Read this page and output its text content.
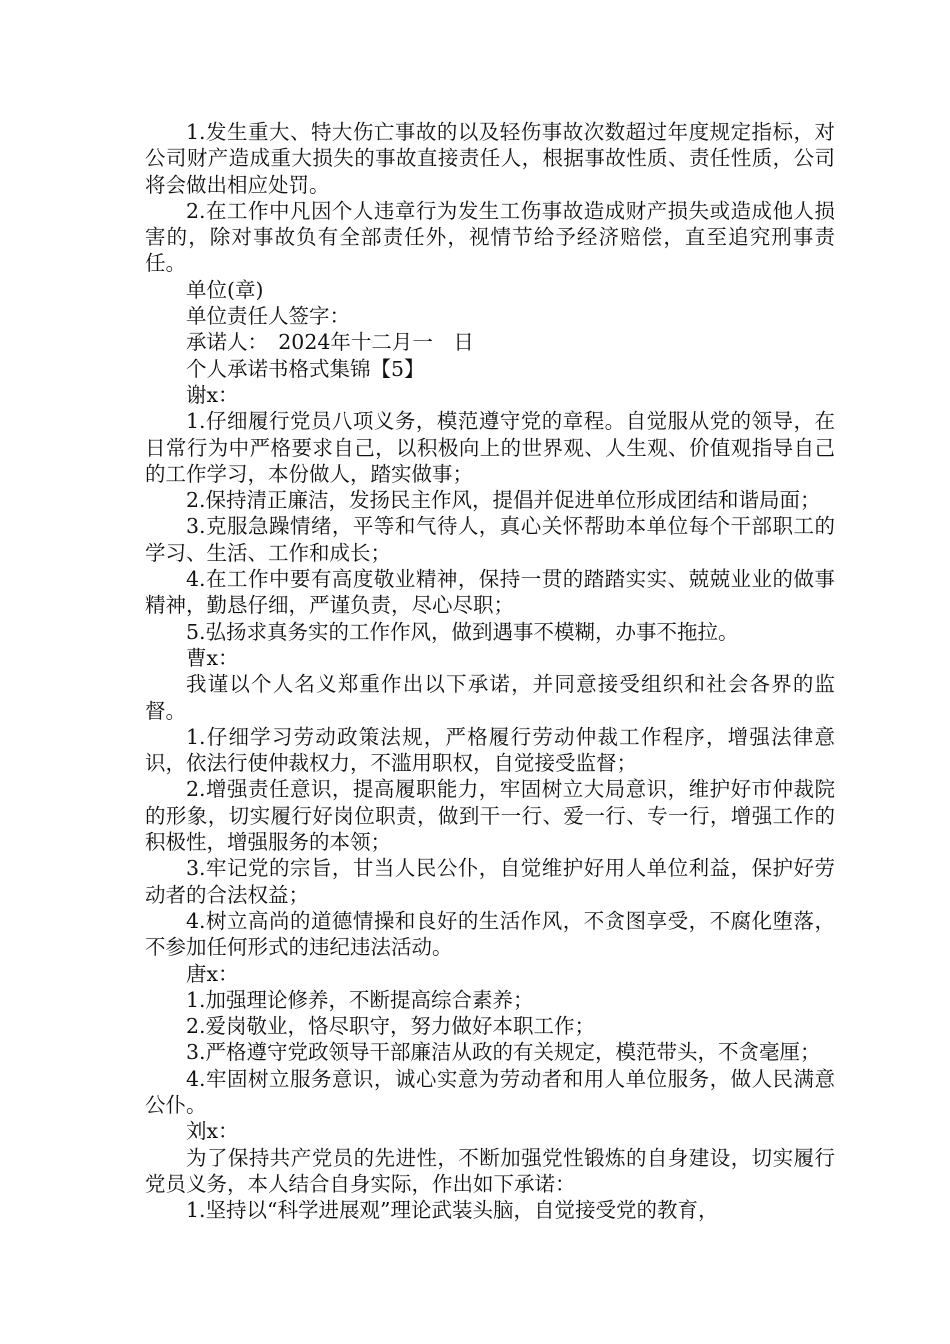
1.发生重大、特大伤亡事故的以及轻伤事故次数超过年度规定指标，对公司财产造成重大损失的事故直接责任人，根据事故性质、责任性质，公司将会做出相应处罚。

2.在工作中凡因个人违章行为发生工伤事故造成财产损失或造成他人损害的，除对事故负有全部责任外，视情节给予经济赔偿，直至追究刑事责任。

单位(章)

单位责任人签字：

承诺人：　2024年十二月一　日

个人承诺书格式集锦【5】

谢x：

1.仔细履行党员八项义务，模范遵守党的章程。自觉服从党的领导，在日常行为中严格要求自己，以积极向上的世界观、人生观、价值观指导自己的工作学习，本份做人，踏实做事；

2.保持清正廉洁，发扬民主作风，提倡并促进单位形成团结和谐局面；

3.克服急躁情绪，平等和气待人，真心关怀帮助本单位每个干部职工的学习、生活、工作和成长；

4.在工作中要有高度敬业精神，保持一贯的踏踏实实、兢兢业业的做事精神，勤恳仔细，严谨负责，尽心尽职；

5.弘扬求真务实的工作作风，做到遇事不模糊，办事不拖拉。

曹x：

我谨以个人名义郑重作出以下承诺，并同意接受组织和社会各界的监督。

1.仔细学习劳动政策法规，严格履行劳动仲裁工作程序，增强法律意识，依法行使仲裁权力，不滥用职权，自觉接受监督；

2.增强责任意识，提高履职能力，牢固树立大局意识，维护好市仲裁院的形象，切实履行好岗位职责，做到干一行、爱一行、专一行，增强工作的积极性，增强服务的本领；

3.牢记党的宗旨，甘当人民公仆，自觉维护好用人单位利益，保护好劳动者的合法权益；

4.树立高尚的道德情操和良好的生活作风，不贪图享受，不腐化堕落，不参加任何形式的违纪违法活动。

唐x：

1.加强理论修养，不断提高综合素养；

2.爱岗敬业，恪尽职守，努力做好本职工作；

3.严格遵守党政领导干部廉洁从政的有关规定，模范带头，不贪毫厘；

4.牢固树立服务意识，诚心实意为劳动者和用人单位服务，做人民满意公仆。

刘x：

为了保持共产党员的先进性，不断加强党性锻炼的自身建设，切实履行党员义务，本人结合自身实际，作出如下承诺：

1.坚持以“科学进展观”理论武装头脑，自觉接受党的教育，
